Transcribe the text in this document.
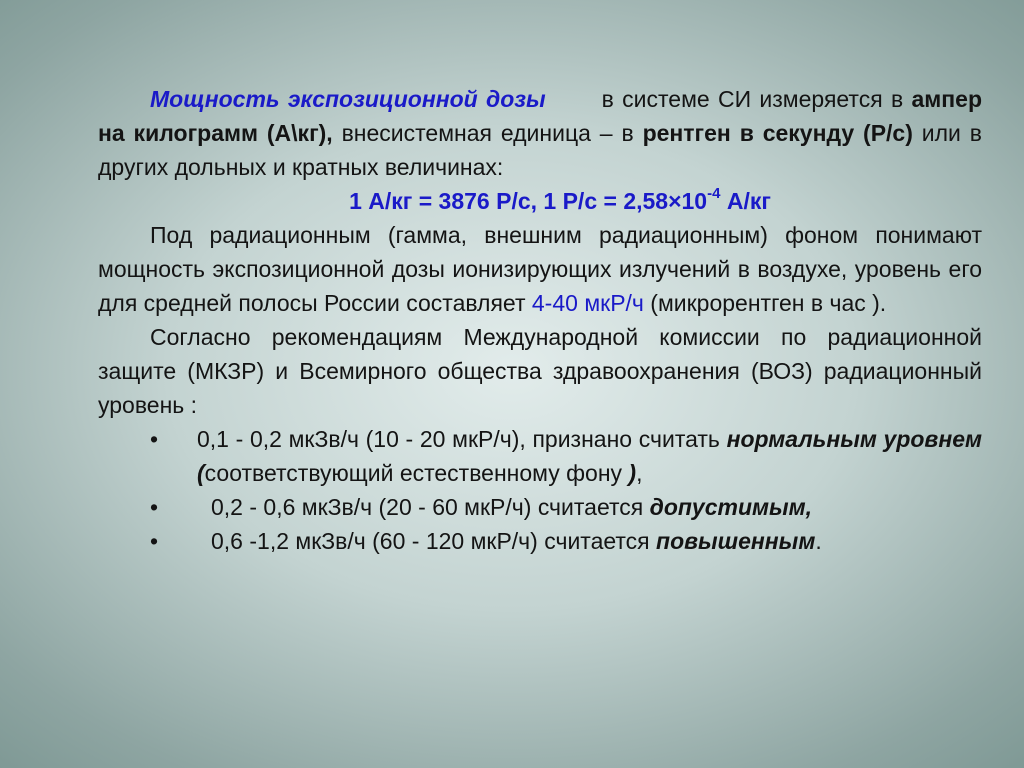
Мощность экспозиционной дозы в системе СИ измеряется в ампер на килограмм (А\кг), внесистемная единица – в рентген в секунду (Р/с) или в других дольных и кратных величинах:

1 А/кг = 3876 Р/с, 1 $Р/с = 2,58\times 10^{-4}$ А/кг

Под радиационным (гамма, внешним радиационным) фоном понимают мощность экспозиционной дозы ионизирующих излучений в воздухе, уровень его для средней полосы России составляет 4-40 мкР/ч (микрорентген в час ).

Согласно рекомендациям Международной комиссии по радиационной защите (МКЗР) и Всемирного общества здравоохранения (ВОЗ) радиационный уровень :

•	0,1 - 0,2 мкЗв/ч (10 - 20 мкР/ч), признано считать нормальным уровнем (соответствующий естественному фону ),
•	0,2 - 0,6 мкЗв/ч (20 - 60 мкР/ч) считается допустимым,
•	0,6 -1,2 мкЗв/ч (60 - 120 мкР/ч) считается повышенным.
